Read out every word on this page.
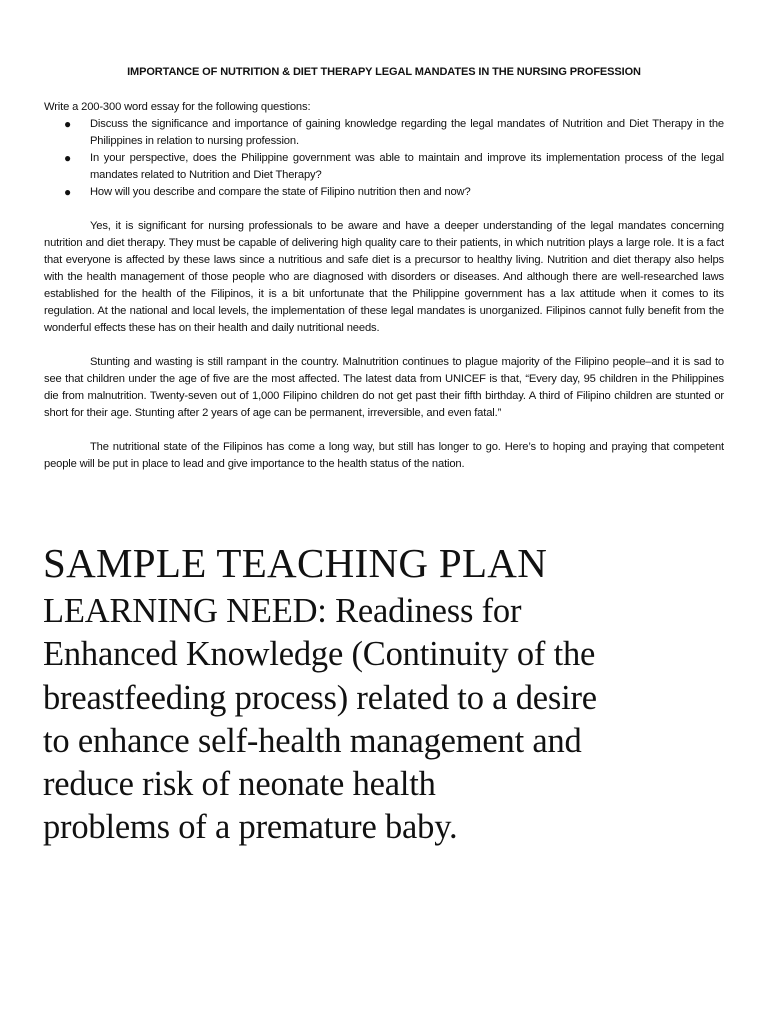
IMPORTANCE OF NUTRITION & DIET THERAPY LEGAL MANDATES IN THE NURSING PROFESSION

Write a 200-300 word essay for the following questions:

● Discuss the significance and importance of gaining knowledge regarding the legal mandates of Nutrition and Diet Therapy in the Philippines in relation to nursing profession.
● In your perspective, does the Philippine government was able to maintain and improve its implementation process of the legal mandates related to Nutrition and Diet Therapy?
● How will you describe and compare the state of Filipino nutrition then and now?

Yes, it is significant for nursing professionals to be aware and have a deeper understanding of the legal mandates concerning nutrition and diet therapy. They must be capable of delivering high quality care to their patients, in which nutrition plays a large role. It is a fact that everyone is affected by these laws since a nutritious and safe diet is a precursor to healthy living. Nutrition and diet therapy also helps with the health management of those people who are diagnosed with disorders or diseases. And although there are well-researched laws established for the health of the Filipinos, it is a bit unfortunate that the Philippine government has a lax attitude when it comes to its regulation. At the national and local levels, the implementation of these legal mandates is unorganized. Filipinos cannot fully benefit from the wonderful effects these has on their health and daily nutritional needs.

Stunting and wasting is still rampant in the country. Malnutrition continues to plague majority of the Filipino people–and it is sad to see that children under the age of five are the most affected. The latest data from UNICEF is that, “Every day, 95 children in the Philippines die from malnutrition. Twenty-seven out of 1,000 Filipino children do not get past their fifth birthday. A third of Filipino children are stunted or short for their age. Stunting after 2 years of age can be permanent, irreversible, and even fatal.”

The nutritional state of the Filipinos has come a long way, but still has longer to go. Here’s to hoping and praying that competent people will be put in place to lead and give importance to the health status of the nation.

SAMPLE TEACHING PLAN
LEARNING NEED: Readiness for
Enhanced Knowledge (Continuity of the
breastfeeding process) related to a desire
to enhance self-health management and
reduce risk of neonate health
problems of a premature baby.
